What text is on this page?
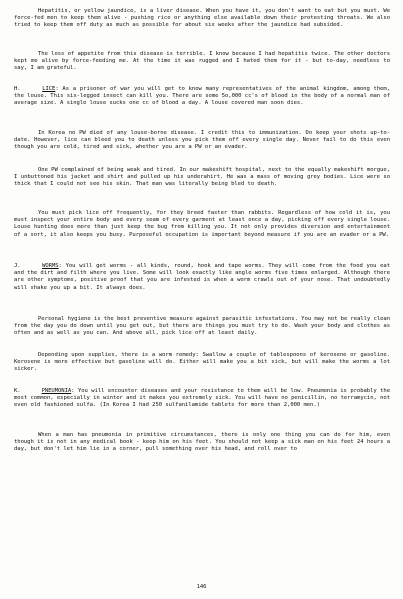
Hepatitis, or yellow jaundice, is a liver disease. When you have it, you don't want to eat but you must. We force-fed men to keep them alive - pushing rice or anything else available down their protesting throats. We also tried to keep them off duty as much as possible for about six weeks after the jaundice had subsided.

The loss of appetite from this disease is terrible. I know because I had hepatitis twice. The other doctors kept me alive by force-feeding me. At the time it was rugged and I hated them for it - but to-day, needless to say, I am grateful.

H.	LICE: As a prisoner of war you will get to know many representatives of the animal kingdom, among them, the louse. This six-legged insect can kill you. There are some 5o,000 cc's of blood in the body of a normal man of average size. A single louse sucks one cc of blood a day. A louse covered man soon dies.

In Korea no PW died of any louse-borne disease. I credit this to immunization. Do keep your shots up-to-date. However, lice can bleed you to death unless you pick them off every single day. Never fail to do this even though you are cold, tired and sick, whether you are a PW or an evader.

One PW complained of being weak and tired. In our makeshift hospital, next to the equally makeshift morgue, I unbuttoned his jacket and shirt and pulled up his underahirt. He was a mass of moving grey bodies. Lice were so thick that I could not see his skin. That man was literally being bled to death.

You must pick lice off frequently, for they breed faster than rabbits. Regardless of how cold it is, you must inspect your entire body and every seam of every garment at least once a day, picking off every single louse. Louse hunting does more than just keep the bug from killing you. It not only provides diversion and entertainment of a sort, it also keeps you busy. Purposeful occupation is important beyond measure if you are an evader or a PW.

J.	WORMS: You will get worms - all kinds, round, hook and tape worms. They will come from the food you eat and the dirt and filth where you live. Some will look exactly like angle worms five times enlarged. Although there are other symptoms, positive proof that you are infested is when a worm crawls out of your nose. That undoubtedly will shake you up a bit. It always does.

Personal hygiene is the best preventive measure against parasitic infestations. You may not be really clean from the day you do down until you get out, but there are things you must try to do. Wash your body and clothes as often and as well as you can. And above all, pick lice off at least daily.

Depending upon supplies, there is a worm remedy: Swallow a couple of tablespoons of kerosene or gasoline. Kerosene is more effective but gasoline will do. Either will make you a bit sick, but will make the worms a lot sicker.

K.	PNEUMONIA: You will encounter diseases and your resistance to them will be low. Pneumonia is probably the most common, especially in winter and it makes you extremely sick. You will have no penicillin, no terramycin, not even old fashioned sulfa. (In Korea I had 250 sulfanilamide tablets for more than 2,000 men.)

When a man has pneumonia in primitive circumstances, there is only one thing you can do for him, even though it is not in any medical book - keep him on his feet. You should not keep a sick man on his feet 24 hours a day, but don't let him lie in a corner, pull something over his head, and roll over to

146
